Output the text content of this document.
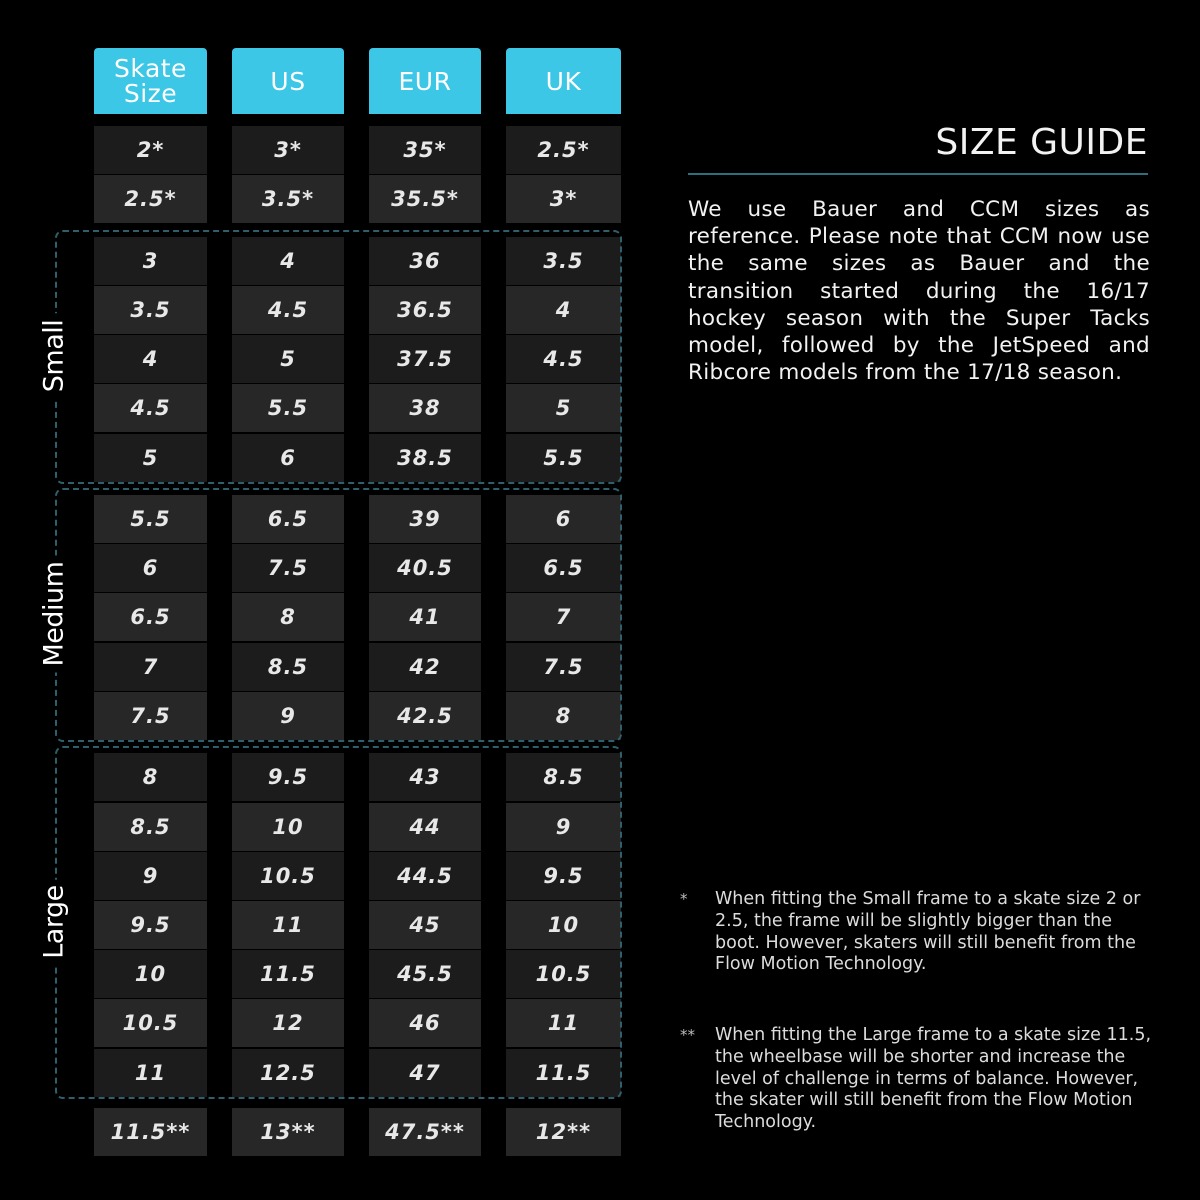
Skate
Size	US	EUR	UK
2*	3*	35*	2.5*
2.5*	3.5*	35.5*	3*
3	4	36	3.5
3.5	4.5	36.5	4
4	5	37.5	4.5
4.5	5.5	38	5
5	6	38.5	5.5
Small
5.5	6.5	39	6
6	7.5	40.5	6.5
6.5	8	41	7
7	8.5	42	7.5
7.5	9	42.5	8
Medium
8	9.5	43	8.5
8.5	10	44	9
9	10.5	44.5	9.5
9.5	11	45	10
10	11.5	45.5	10.5
10.5	12	46	11
11	12.5	47	11.5
Large
11.5**	13**	47.5**	12**
SIZE GUIDE
We use Bauer and CCM sizes as reference. Please note that CCM now use the same sizes as Bauer and the transition started during the 16/17 hockey season with the Super Tacks model, followed by the JetSpeed and Ribcore models from the 17/18 season.
*	When fitting the Small frame to a skate size 2 or 2.5, the frame will be slightly bigger than the boot. However, skaters will still benefit from the Flow Motion Technology.
**	When fitting the Large frame to a skate size 11.5, the wheelbase will be shorter and increase the level of challenge in terms of balance. However, the skater will still benefit from the Flow Motion Technology.
